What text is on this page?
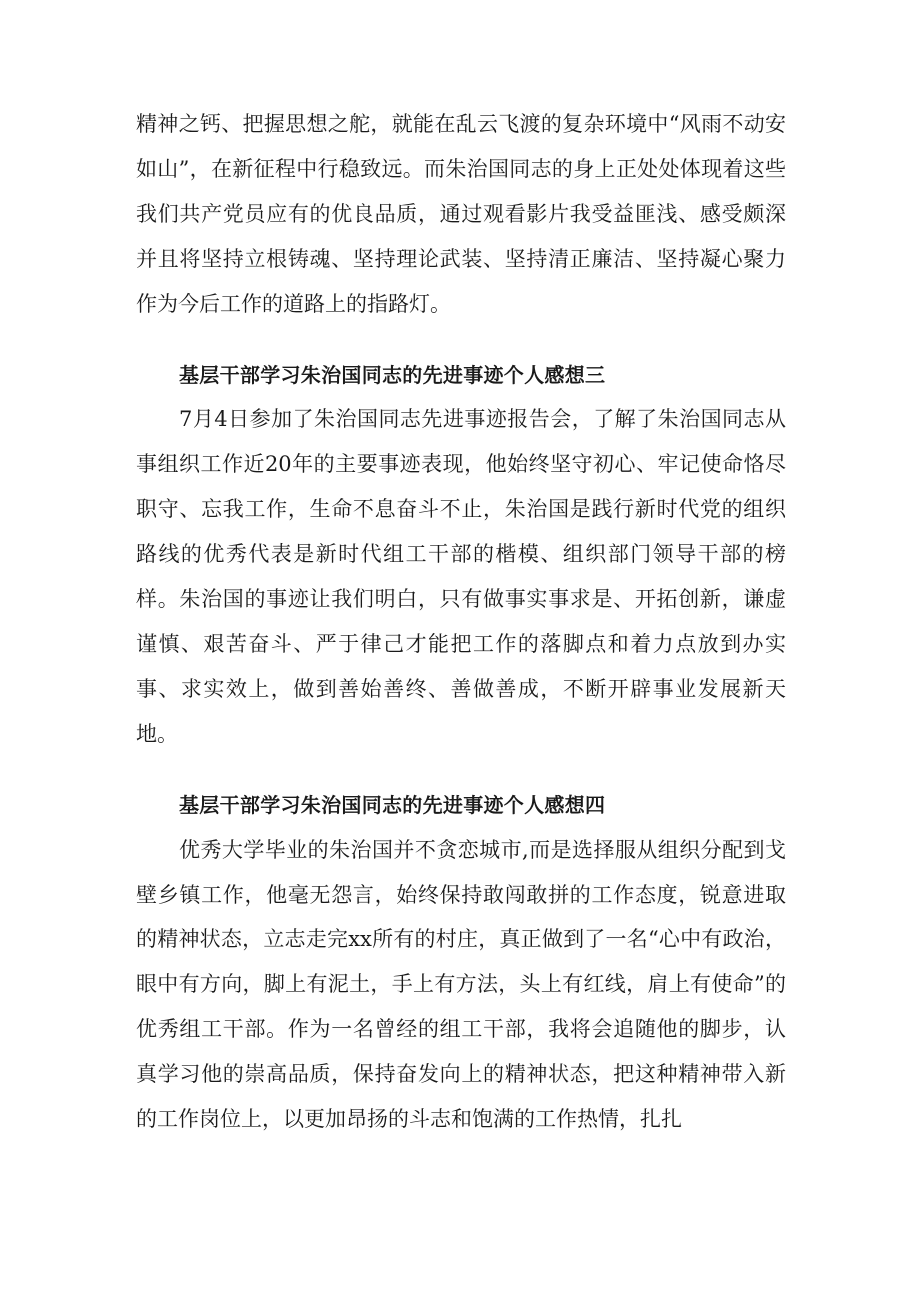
精神之钙、把握思想之舵，就能在乱云飞渡的复杂环境中“风雨不动安如山”，在新征程中行稳致远。而朱治国同志的身上正处处体现着这些我们共产党员应有的优良品质，通过观看影片我受益匪浅、感受颇深并且将坚持立根铸魂、坚持理论武装、坚持清正廉洁、坚持凝心聚力作为今后工作的道路上的指路灯。

基层干部学习朱治国同志的先进事迹个人感想三

7月4日参加了朱治国同志先进事迹报告会，了解了朱治国同志从事组织工作近20年的主要事迹表现，他始终坚守初心、牢记使命恪尽职守、忘我工作，生命不息奋斗不止，朱治国是践行新时代党的组织路线的优秀代表是新时代组工干部的楷模、组织部门领导干部的榜样。朱治国的事迹让我们明白，只有做事实事求是、开拓创新，谦虚谨慎、艰苦奋斗、严于律己才能把工作的落脚点和着力点放到办实事、求实效上，做到善始善终、善做善成，不断开辟事业发展新天地。

基层干部学习朱治国同志的先进事迹个人感想四

优秀大学毕业的朱治国并不贪恋城市,而是选择服从组织分配到戈壁乡镇工作，他毫无怨言，始终保持敢闯敢拼的工作态度，锐意进取的精神状态，立志走完xx所有的村庄，真正做到了一名“心中有政治，眼中有方向，脚上有泥土，手上有方法，头上有红线，肩上有使命”的优秀组工干部。作为一名曾经的组工干部，我将会追随他的脚步，认真学习他的崇高品质，保持奋发向上的精神状态，把这种精神带入新的工作岗位上，以更加昂扬的斗志和饱满的工作热情，扎扎
